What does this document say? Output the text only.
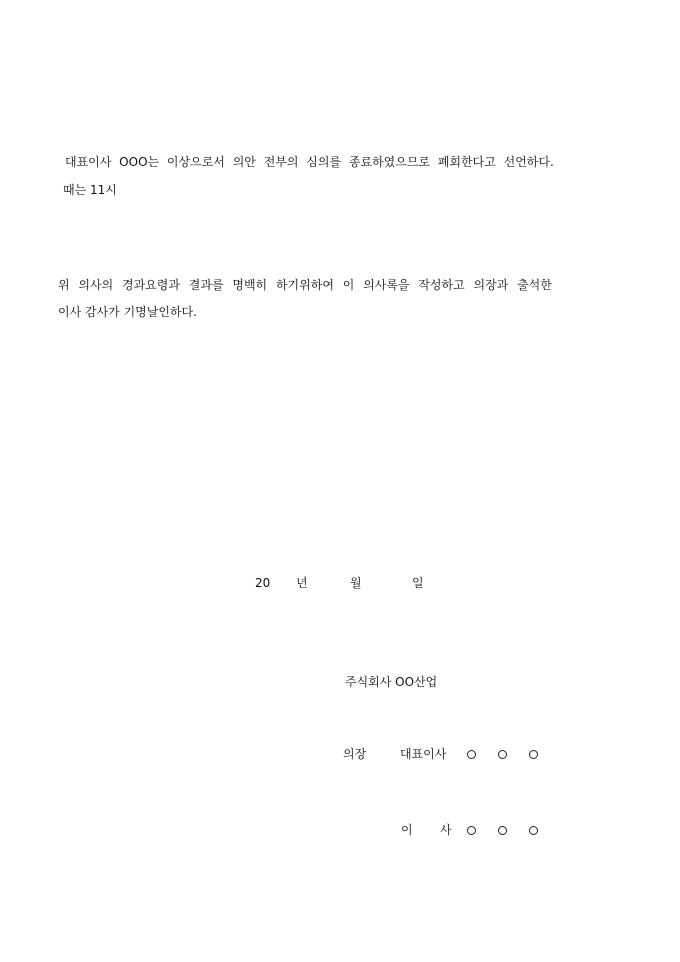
대표이사 OOO는 이상으로서 의안 전부의 심의를 종료하였으므로 폐회한다고 선언하다.
때는 11시
위 의사의 경과요령과 결과를 명백히 하기위하여 이 의사록을 작성하고 의장과 출석한
이사 감사가 기명날인하다.
20 년	월	일
주식회사 OO산업
의장	대표이사
이 사
